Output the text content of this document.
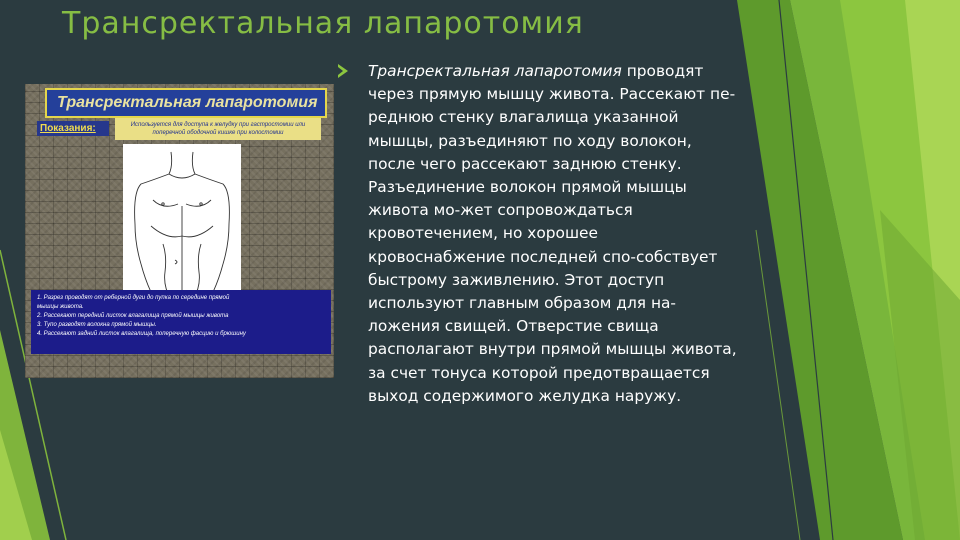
Трансректальная лапаротомия
Трансректальная лапаротомия
Показания:	Используется для доступа к желудку при гастростомии или поперечной ободочной кишке при колостомии
1. Разрез проводят от реберной дуги до пупка по середине прямой
мышцы живота.
2. Рассекают передний листок влагалища прямой мышцы живота
3. Тупо разводят волокна прямой мышцы.
4. Рассекают задний листок влагалища, поперечную фасцию и брюшину

Трансректальная лапаротомия проводят через прямую мышцу живота. Рассекают пе-реднюю стенку влагалища указанной мышцы, разъединяют по ходу волокон, после чего рассекают заднюю стенку. Разъединение волокон прямой мышцы живота мо-жет сопровождаться кровотечением, но хорошее кровоснабжение последней спо-собствует быстрому заживлению. Этот доступ используют главным образом для на-ложения свищей. Отверстие свища располагают внутри прямой мышцы живота, за счет тонуса которой предотвращается выход содержимого желудка наружу.
